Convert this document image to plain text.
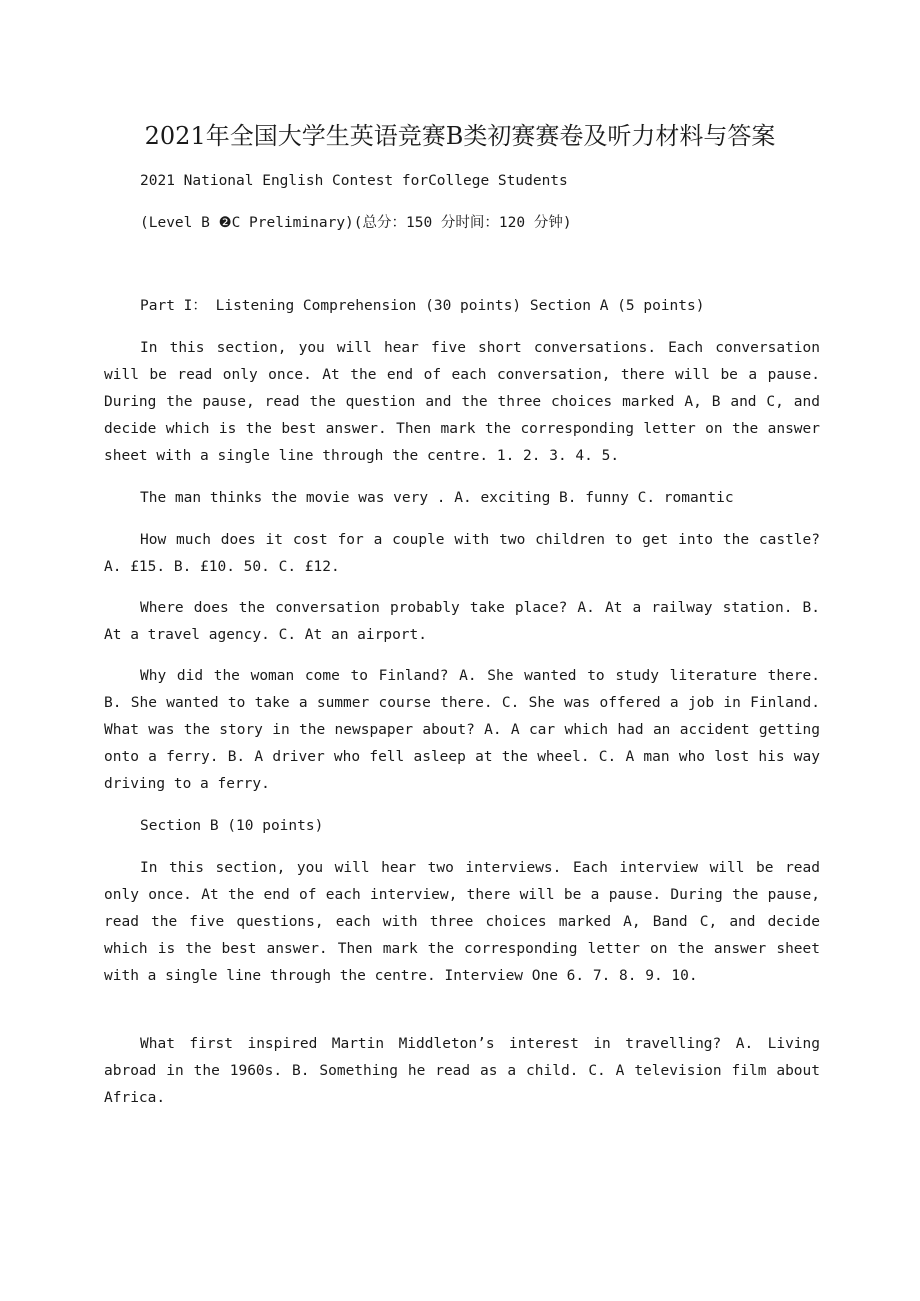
2021年全国大学生英语竞赛B类初赛赛卷及听力材料与答案
2021 National English Contest forCollege Students
(Level B ❷C Preliminary)(总分：150 分时间：120 分钟)
Part I： Listening Comprehension (30 points) Section A (5 points)

In this section, you will hear five short conversations. Each conversation will be read only once. At the end of each conversation, there will be a pause. During the pause, read the question and the three choices marked A, B and C, and decide which is the best answer. Then mark the corresponding letter on the answer sheet with a single line through the centre. 1. 2. 3. 4. 5.

The man thinks the movie was very . A. exciting B. funny C. romantic

How much does it cost for a couple with two children to get into the castle? A. £15. B. £10. 50. C. £12.

Where does the conversation probably take place? A. At a railway station. B. At a travel agency. C. At an airport.

Why did the woman come to Finland? A. She wanted to study literature there. B. She wanted to take a summer course there. C. She was offered a job in Finland. What was the story in the newspaper about? A. A car which had an accident getting onto a ferry. B. A driver who fell asleep at the wheel. C. A man who lost his way driving to a ferry.

Section B (10 points)

In this section, you will hear two interviews. Each interview will be read only once. At the end of each interview, there will be a pause. During the pause, read the five questions, each with three choices marked A, Band C, and decide which is the best answer. Then mark the corresponding letter on the answer sheet with a single line through the centre. Interview One 6. 7. 8. 9. 10.

What first inspired Martin Middleton’s interest in travelling? A. Living abroad in the 1960s. B. Something he read as a child. C. A television film about Africa.
